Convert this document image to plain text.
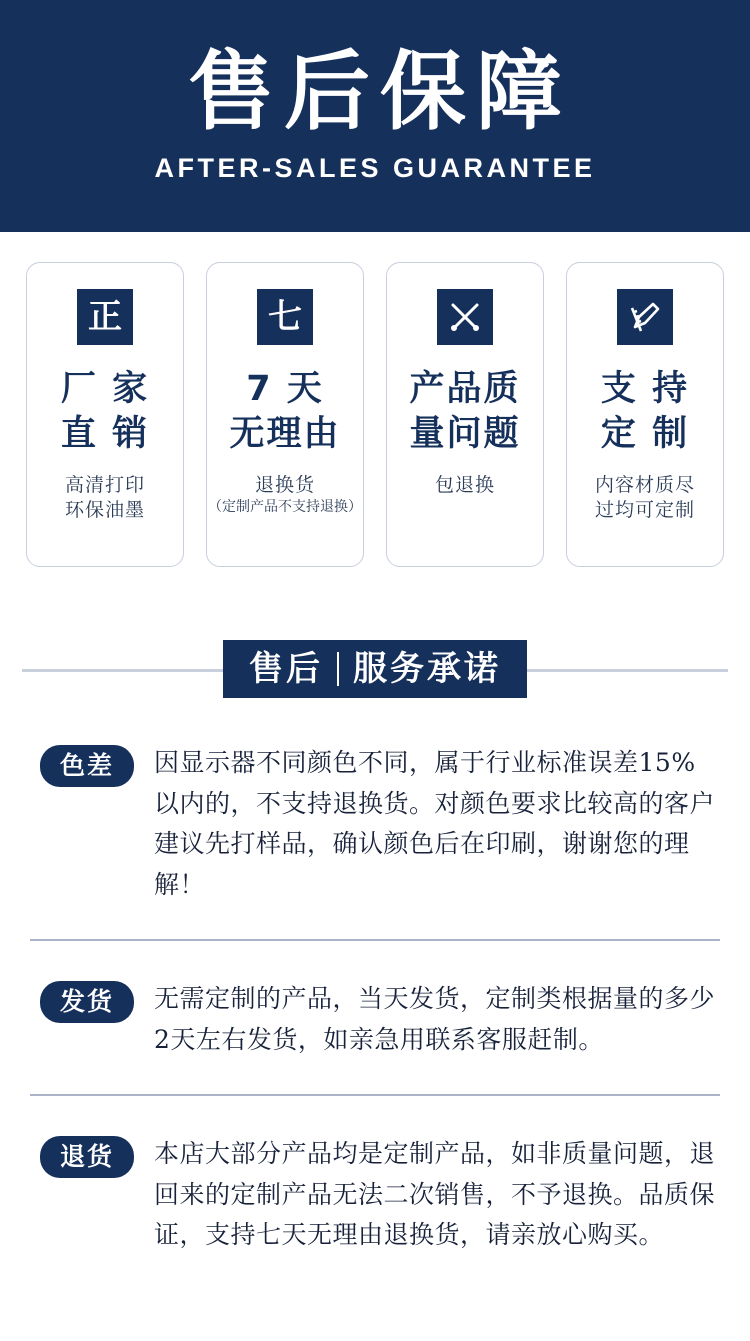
售后保障
AFTER-SALES GUARANTEE
正
厂 家
直 销
高清打印
环保油墨
七
7 天
无理由
退换货
（定制产品不支持退换）
产品质
量问题
包退换
支 持
定 制
内容材质尽
过均可定制
售后 服务承诺
色差	因显示器不同颜色不同，属于行业标准误差15%以内的，不支持退换货。对颜色要求比较高的客户建议先打样品，确认颜色后在印刷，谢谢您的理解！
发货	无需定制的产品，当天发货，定制类根据量的多少2天左右发货，如亲急用联系客服赶制。
退货	本店大部分产品均是定制产品，如非质量问题，退回来的定制产品无法二次销售，不予退换。品质保证，支持七天无理由退换货，请亲放心购买。
